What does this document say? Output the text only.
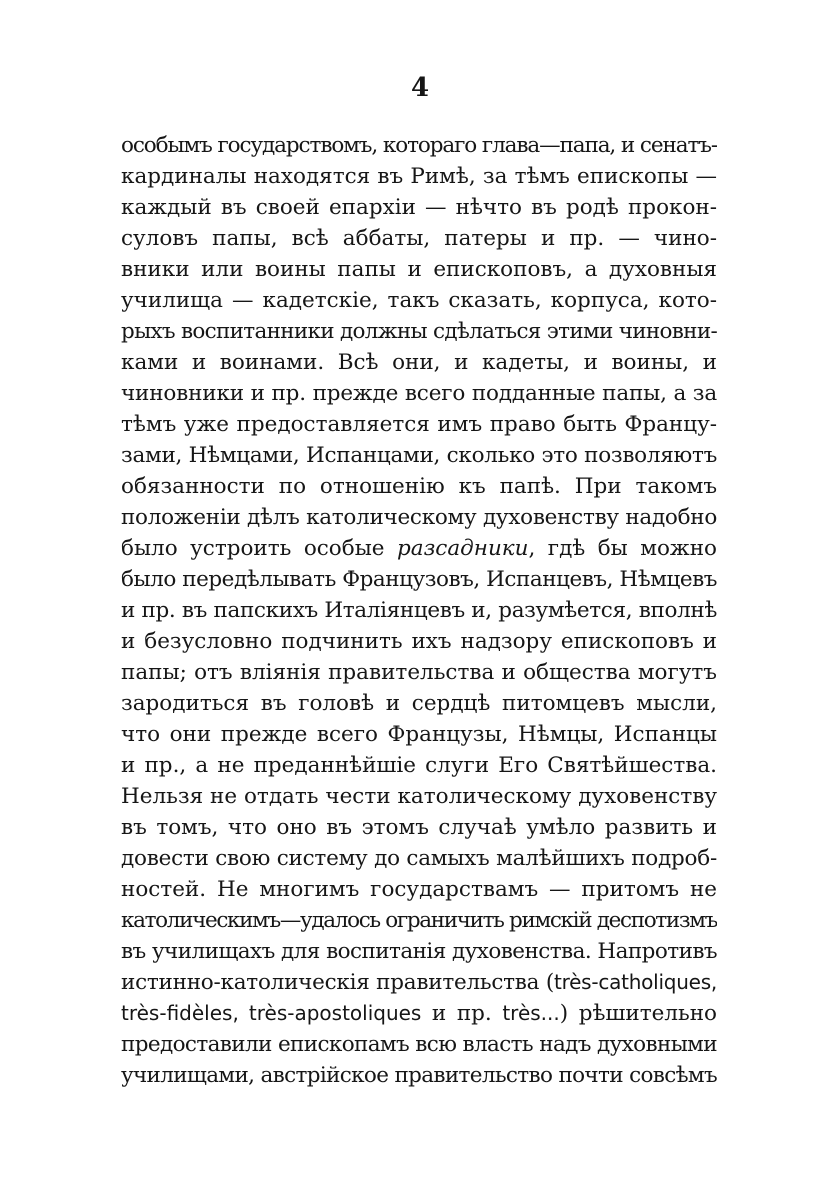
4
особымъ государствомъ, котораго глава—папа, и сенатъ-
кардиналы находятся въ Римѣ, за тѣмъ епископы —
каждый въ своей епархіи — нѣчто въ родѣ прокон-
суловъ папы, всѣ аббаты, патеры и пр. — чино-
вники или воины папы и епископовъ, а духовныя
училища — кадетскіе, такъ сказать, корпуса, кото-
рыхъ воспитанники должны сдѣлаться этими чиновни-
ками и воинами. Всѣ они, и кадеты, и воины, и
чиновники и пр. прежде всего подданные папы, а за
тѣмъ уже предоставляется имъ право быть Францу-
зами, Нѣмцами, Испанцами, сколько это позволяютъ
обязанности по отношенію къ папѣ. При такомъ
положеніи дѣлъ католическому духовенству надобно
было устроить особые разсадники, гдѣ бы можно
было передѣлывать Французовъ, Испанцевъ, Нѣмцевъ
и пр. въ папскихъ Италіянцевъ и, разумѣется, вполнѣ
и безусловно подчинить ихъ надзору епископовъ и
папы; отъ вліянія правительства и общества могутъ
зародиться въ головѣ и сердцѣ питомцевъ мысли,
что они прежде всего Французы, Нѣмцы, Испанцы
и пр., а не преданнѣйшіе слуги Его Святѣйшества.
Нельзя не отдать чести католическому духовенству
въ томъ, что оно въ этомъ случаѣ умѣло развить и
довести свою систему до самыхъ малѣйшихъ подроб-
ностей. Не многимъ государствамъ — притомъ не
католическимъ—удалось ограничить римскій деспотизмъ
въ училищахъ для воспитанія духовенства. Напротивъ
истинно-католическія правительства (très-catholiques,
très-fidèles, très-apostoliques и пр. très...) рѣшительно
предоставили епископамъ всю власть надъ духовными
училищами, австрійское правительство почти совсѣмъ
